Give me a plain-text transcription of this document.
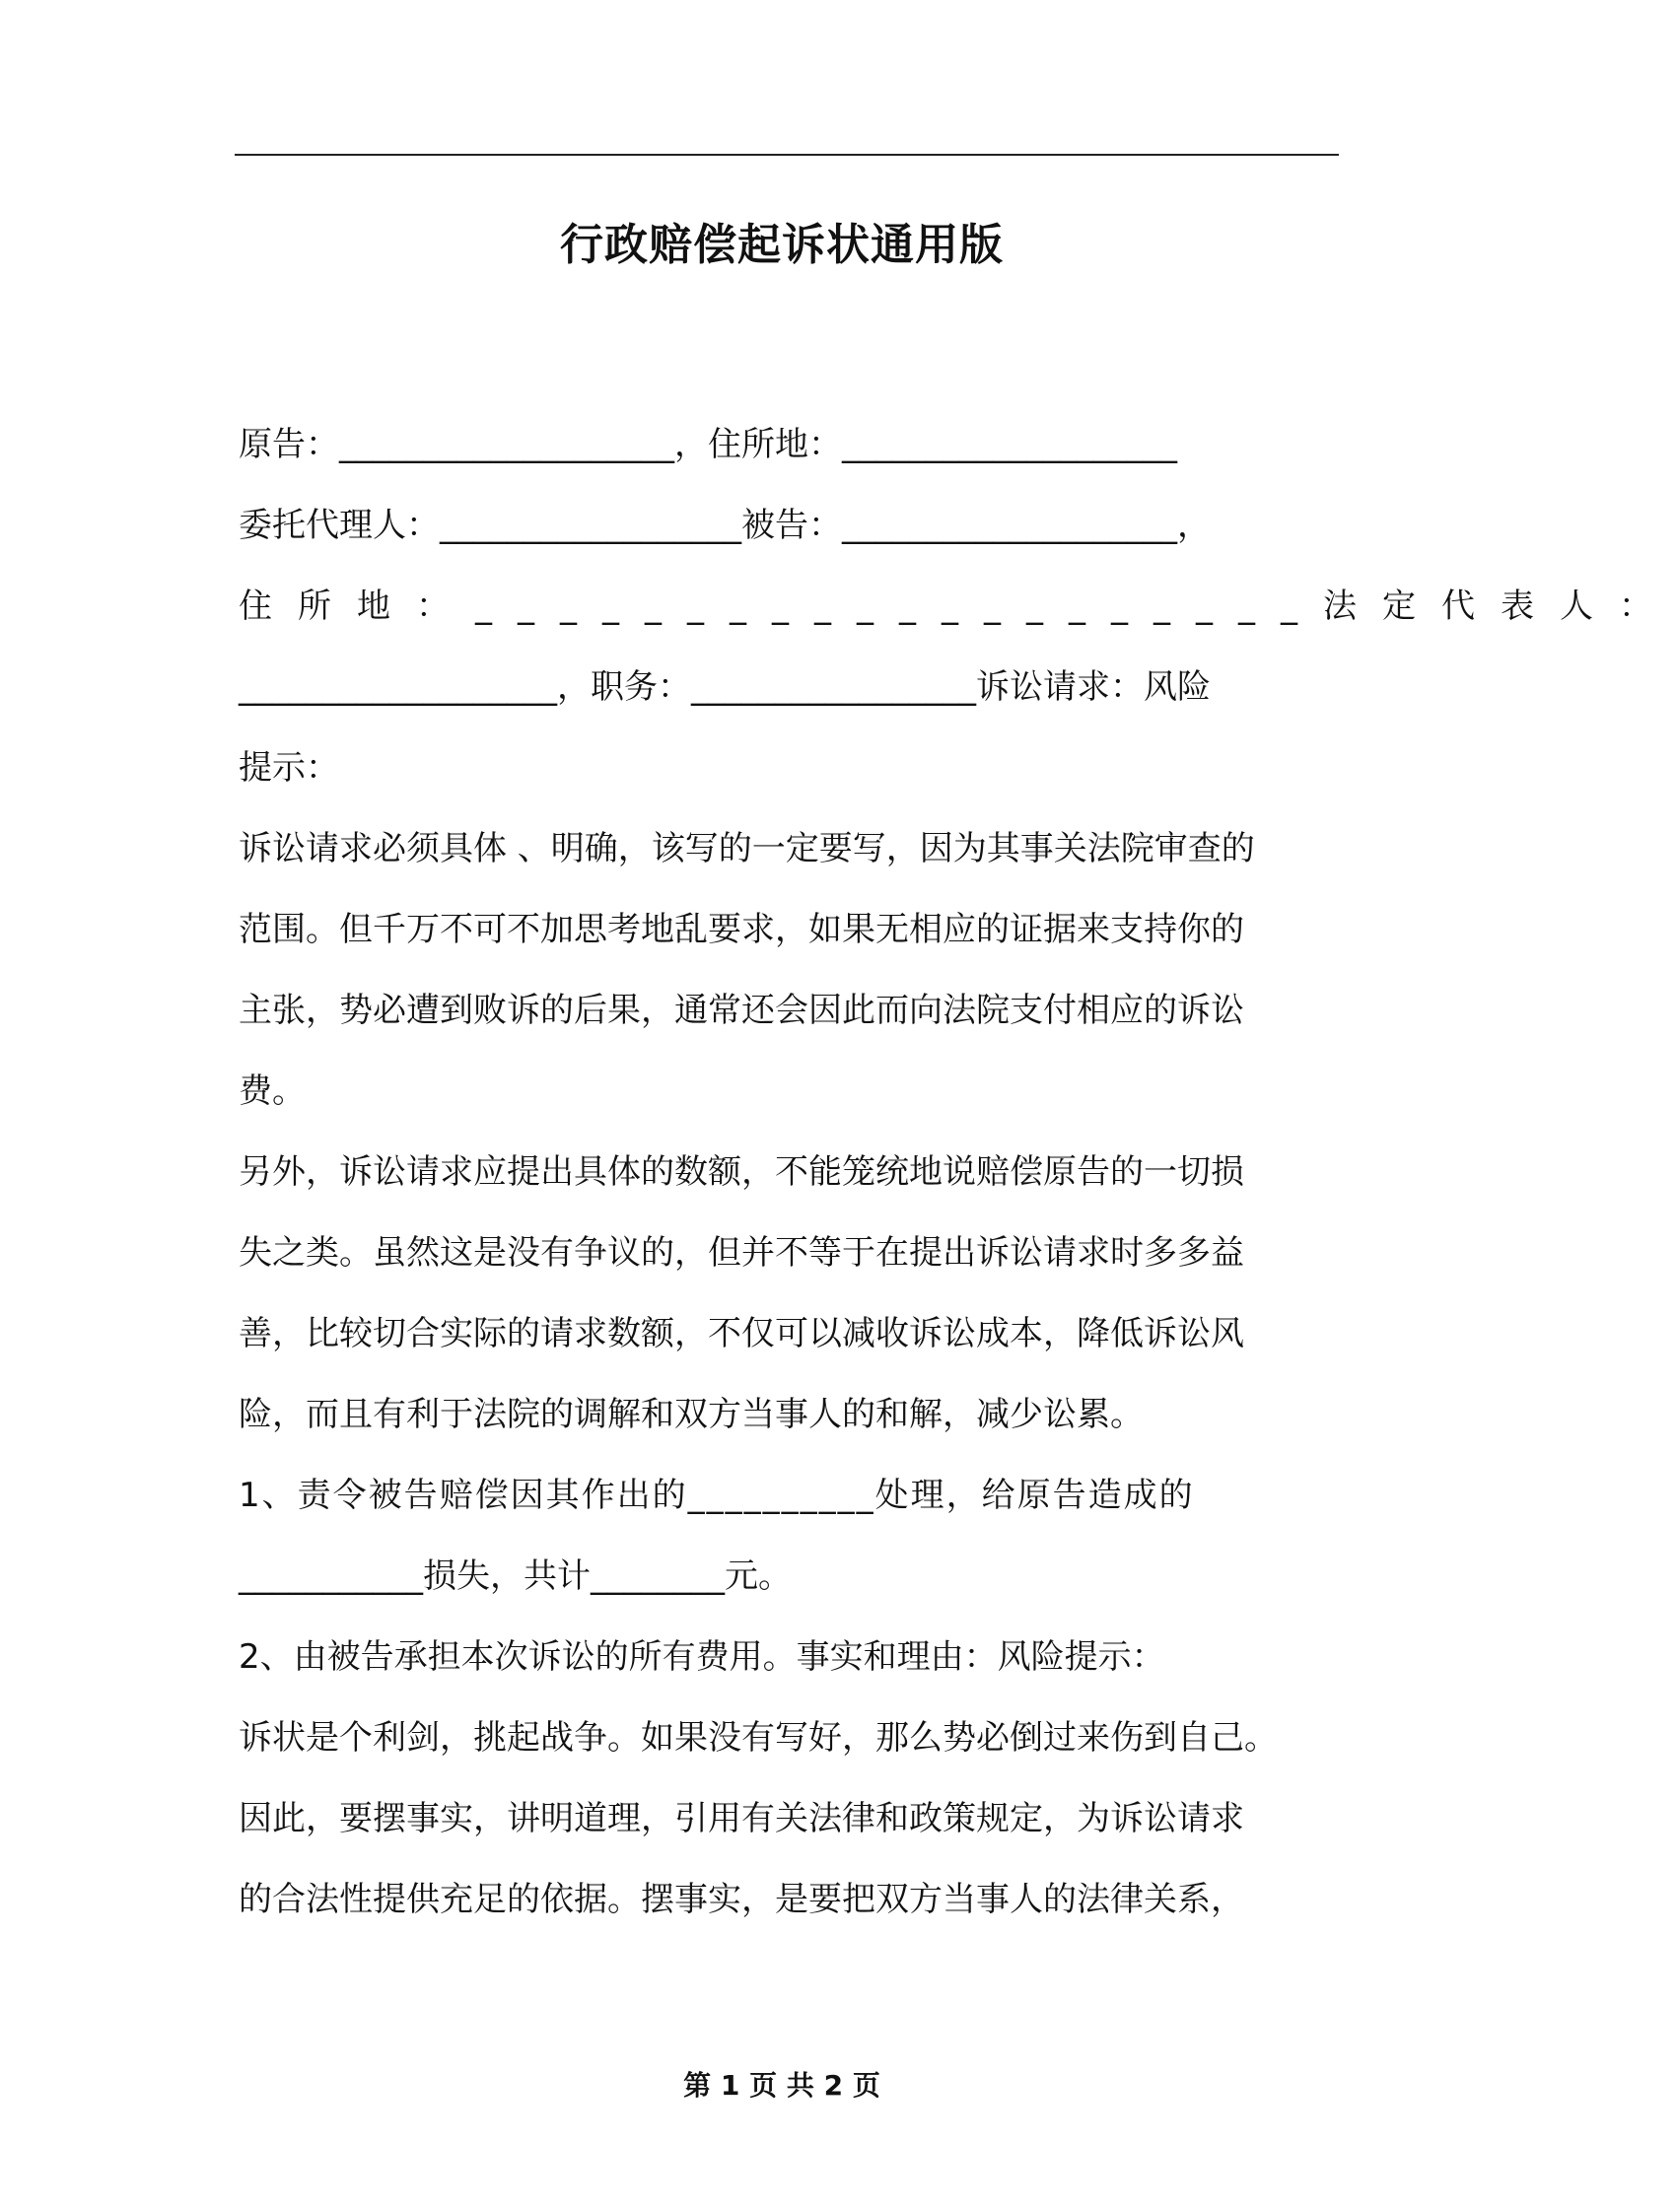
行政赔偿起诉状通用版
原告：____________________，住所地：____________________
委托代理人：__________________被告：____________________，
住所地：____________________法定代表人：
___________________，职务：_________________诉讼请求：风险
提示：
诉讼请求必须具体 、明确，该写的一定要写，因为其事关法院审查的
范围。但千万不可不加思考地乱要求，如果无相应的证据来支持你的
主张，势必遭到败诉的后果，通常还会因此而向法院支付相应的诉讼
费。
另外，诉讼请求应提出具体的数额，不能笼统地说赔偿原告的一切损
失之类。虽然这是没有争议的，但并不等于在提出诉讼请求时多多益
善，比较切合实际的请求数额，不仅可以减收诉讼成本，降低诉讼风
险，而且有利于法院的调解和双方当事人的和解，减少讼累。
1、责令被告赔偿因其作出的__________处理，给原告造成的
___________损失，共计________元。
2、由被告承担本次诉讼的所有费用。事实和理由：风险提示：
诉状是个利剑，挑起战争。如果没有写好，那么势必倒过来伤到自己。
因此，要摆事实，讲明道理，引用有关法律和政策规定，为诉讼请求
的合法性提供充足的依据。摆事实，是要把双方当事人的法律关系，
第 1 页 共 2 页
